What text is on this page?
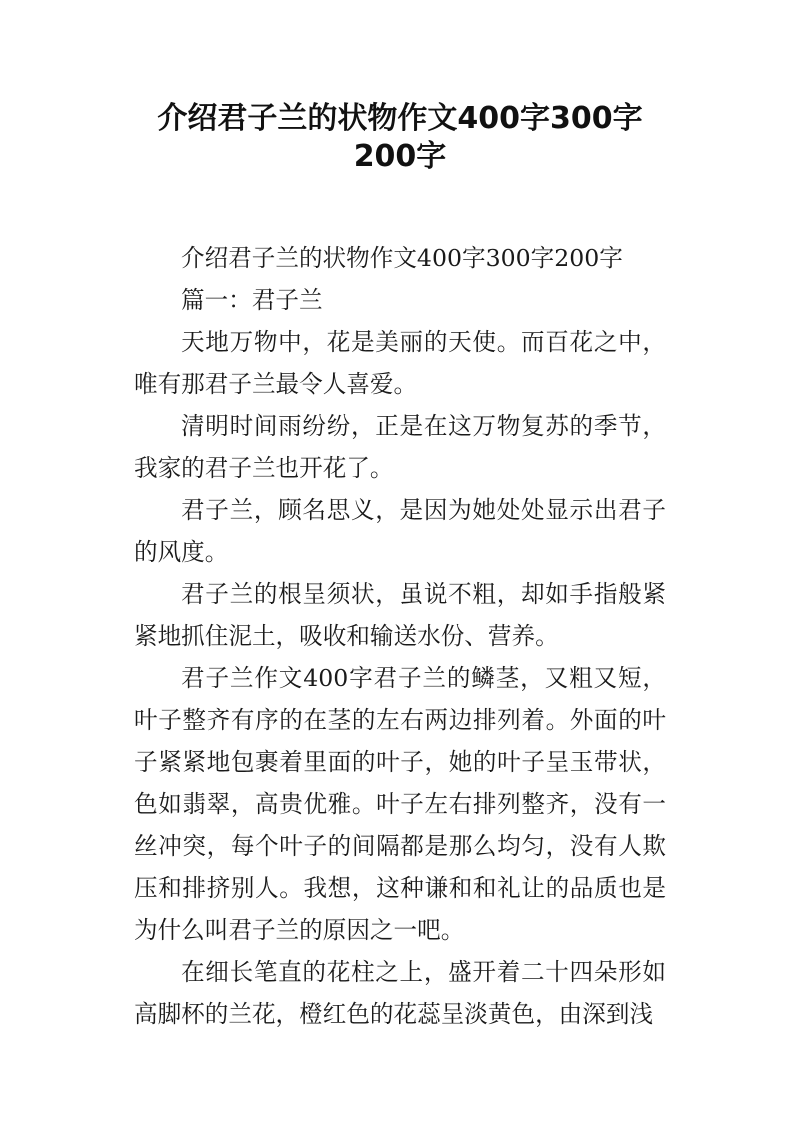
介绍君子兰的状物作文400字300字
200字

介绍君子兰的状物作文400字300字200字

篇一：君子兰

天地万物中，花是美丽的天使。而百花之中，唯有那君子兰最令人喜爱。

清明时间雨纷纷，正是在这万物复苏的季节，我家的君子兰也开花了。

君子兰，顾名思义，是因为她处处显示出君子的风度。

君子兰的根呈须状，虽说不粗，却如手指般紧紧地抓住泥土，吸收和输送水份、营养。

君子兰作文400字君子兰的鳞茎，又粗又短，叶子整齐有序的在茎的左右两边排列着。外面的叶子紧紧地包裹着里面的叶子，她的叶子呈玉带状，色如翡翠，高贵优雅。叶子左右排列整齐，没有一丝冲突，每个叶子的间隔都是那么均匀，没有人欺压和排挤别人。我想，这种谦和和礼让的品质也是为什么叫君子兰的原因之一吧。

在细长笔直的花柱之上，盛开着二十四朵形如高脚杯的兰花，橙红色的花蕊呈淡黄色，由深到浅
